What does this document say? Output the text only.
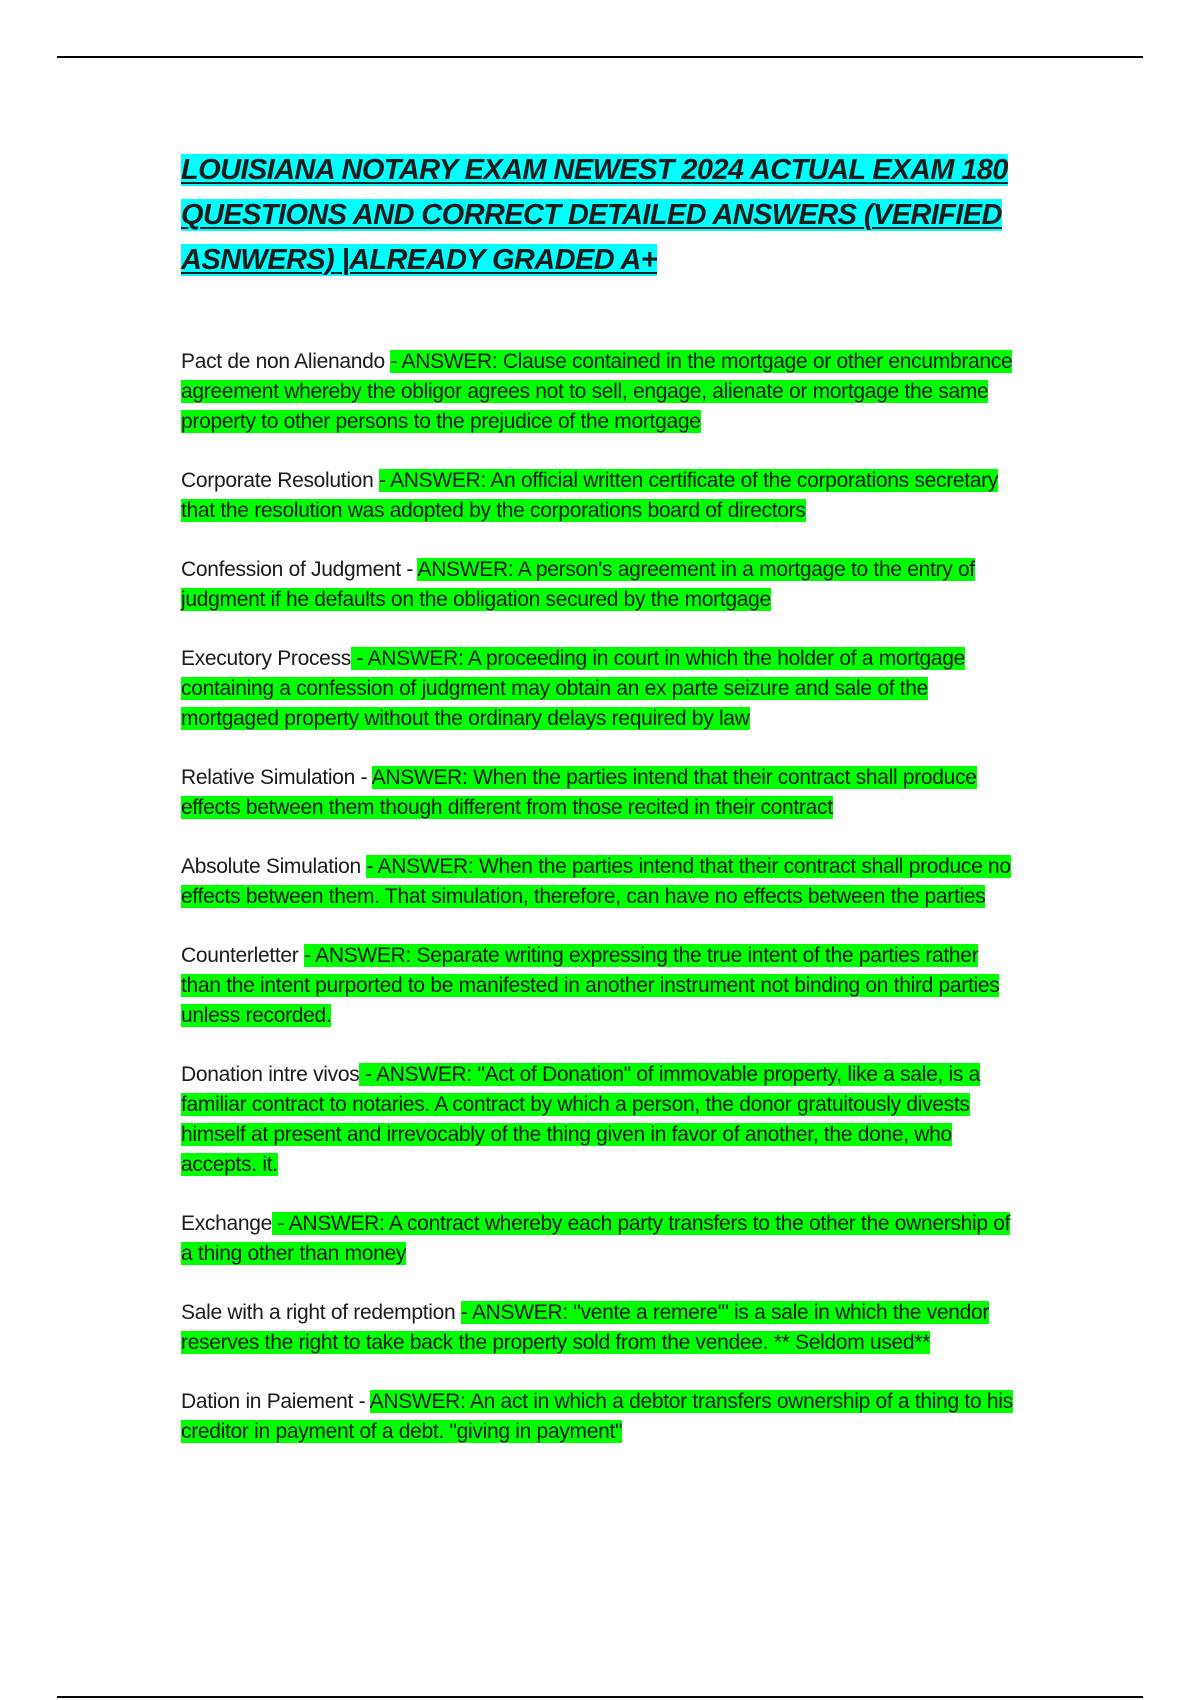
LOUISIANA NOTARY EXAM NEWEST 2024 ACTUAL EXAM 180 QUESTIONS AND CORRECT DETAILED ANSWERS (VERIFIED ASNWERS) |ALREADY GRADED A+

Pact de non Alienando - ANSWER: Clause contained in the mortgage or other encumbrance agreement whereby the obligor agrees not to sell, engage, alienate or mortgage the same property to other persons to the prejudice of the mortgage

Corporate Resolution - ANSWER: An official written certificate of the corporations secretary that the resolution was adopted by the corporations board of directors

Confession of Judgment - ANSWER: A person's agreement in a mortgage to the entry of judgment if he defaults on the obligation secured by the mortgage

Executory Process - ANSWER: A proceeding in court in which the holder of a mortgage containing a confession of judgment may obtain an ex parte seizure and sale of the mortgaged property without the ordinary delays required by law

Relative Simulation - ANSWER: When the parties intend that their contract shall produce effects between them though different from those recited in their contract

Absolute Simulation - ANSWER: When the parties intend that their contract shall produce no effects between them. That simulation, therefore, can have no effects between the parties

Counterletter - ANSWER: Separate writing expressing the true intent of the parties rather than the intent purported to be manifested in another instrument not binding on third parties unless recorded.

Donation intre vivos - ANSWER: "Act of Donation" of immovable property, like a sale, is a familiar contract to notaries. A contract by which a person, the donor gratuitously divests himself at present and irrevocably of the thing given in favor of another, the done, who accepts. it.

Exchange - ANSWER: A contract whereby each party transfers to the other the ownership of a thing other than money

Sale with a right of redemption - ANSWER: "vente a remere'" is a sale in which the vendor reserves the right to take back the property sold from the vendee. ** Seldom used**

Dation in Paiement - ANSWER: An act in which a debtor transfers ownership of a thing to his creditor in payment of a debt. "giving in payment"
